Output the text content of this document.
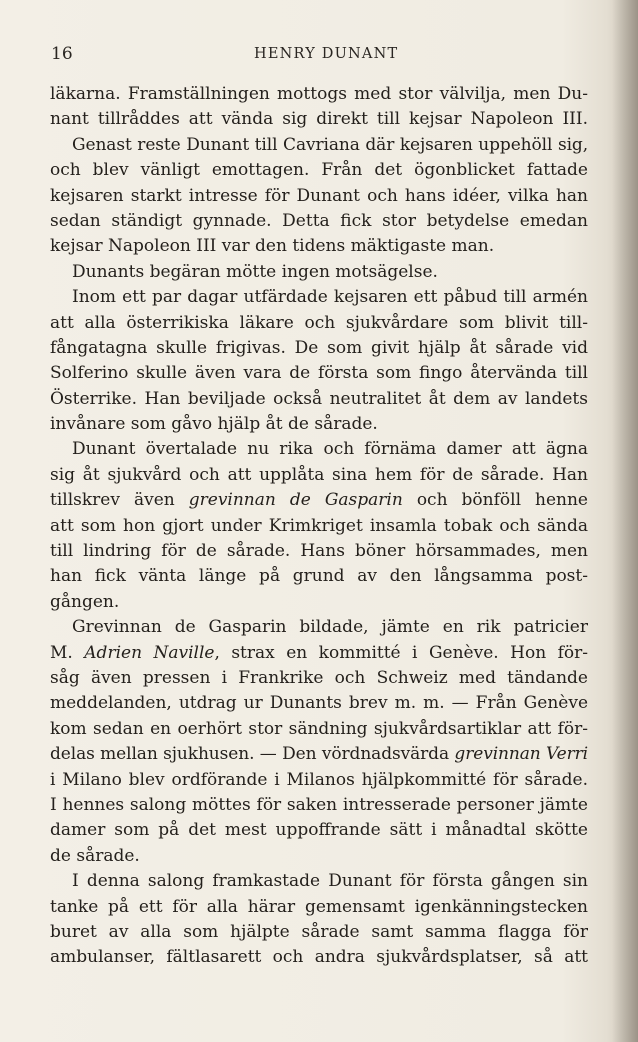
16	HENRY DUNANT
läkarna. Framställningen mottogs med stor välvilja, men Du-
nant tillråddes att vända sig direkt till kejsar Napoleon III.
Genast reste Dunant till Cavriana där kejsaren uppehöll sig,
och blev vänligt emottagen. Från det ögonblicket fattade
kejsaren starkt intresse för Dunant och hans idéer, vilka han
sedan ständigt gynnade. Detta fick stor betydelse emedan
kejsar Napoleon III var den tidens mäktigaste man.
Dunants begäran mötte ingen motsägelse.
Inom ett par dagar utfärdade kejsaren ett påbud till armén
att alla österrikiska läkare och sjukvårdare som blivit till-
fångatagna skulle frigivas. De som givit hjälp åt sårade vid
Solferino skulle även vara de första som fingo återvända till
Österrike. Han beviljade också neutralitet åt dem av landets
invånare som gåvo hjälp åt de sårade.
Dunant övertalade nu rika och förnäma damer att ägna
sig åt sjukvård och att upplåta sina hem för de sårade. Han
tillskrev även grevinnan de Gasparin och bönföll henne
att som hon gjort under Krimkriget insamla tobak och sända
till lindring för de sårade. Hans böner hörsammades, men
han fick vänta länge på grund av den långsamma post-
gången.
Grevinnan de Gasparin bildade, jämte en rik patricier
M. Adrien Naville, strax en kommitté i Genève. Hon för-
såg även pressen i Frankrike och Schweiz med tändande
meddelanden, utdrag ur Dunants brev m. m. — Från Genève
kom sedan en oerhört stor sändning sjukvårdsartiklar att för-
delas mellan sjukhusen. — Den vördnadsvärda grevinnan Verri
i Milano blev ordförande i Milanos hjälpkommitté för sårade.
I hennes salong möttes för saken intresserade personer jämte
damer som på det mest uppoffrande sätt i månadtal skötte
de sårade.
I denna salong framkastade Dunant för första gången sin
tanke på ett för alla härar gemensamt igenkänningstecken
buret av alla som hjälpte sårade samt samma flagga för
ambulanser, fältlasarett och andra sjukvårdsplatser, så att
